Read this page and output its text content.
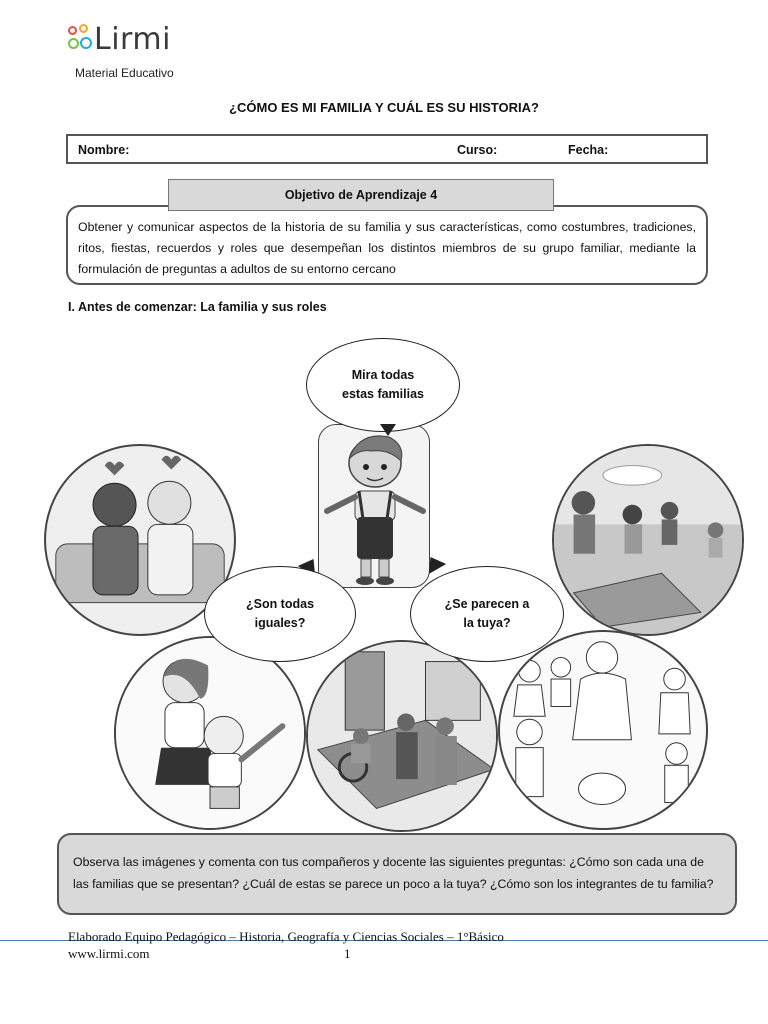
Lirmi
Material Educativo
¿CÓMO ES MI FAMILIA Y CUÁL ES SU HISTORIA?
Nombre:	Curso:	Fecha:
Objetivo de Aprendizaje 4
Obtener y comunicar aspectos de la historia de su familia y sus características, como costumbres, tradiciones, ritos, fiestas, recuerdos y roles que desempeñan los distintos miembros de su grupo familiar, mediante la formulación de preguntas a adultos de su entorno cercano
I. Antes de comenzar: La familia y sus roles
Mira todas estas familias
¿Son todas iguales?
¿Se parecen a la tuya?
Observa las imágenes y comenta con tus compañeros y docente las siguientes preguntas: ¿Cómo son cada una de las familias que se presentan? ¿Cuál de estas se parece un poco a la tuya? ¿Cómo son los integrantes de tu familia?
Elaborado Equipo Pedagógico – Historia, Geografía y Ciencias Sociales – 1°Básico
www.lirmi.com	1
